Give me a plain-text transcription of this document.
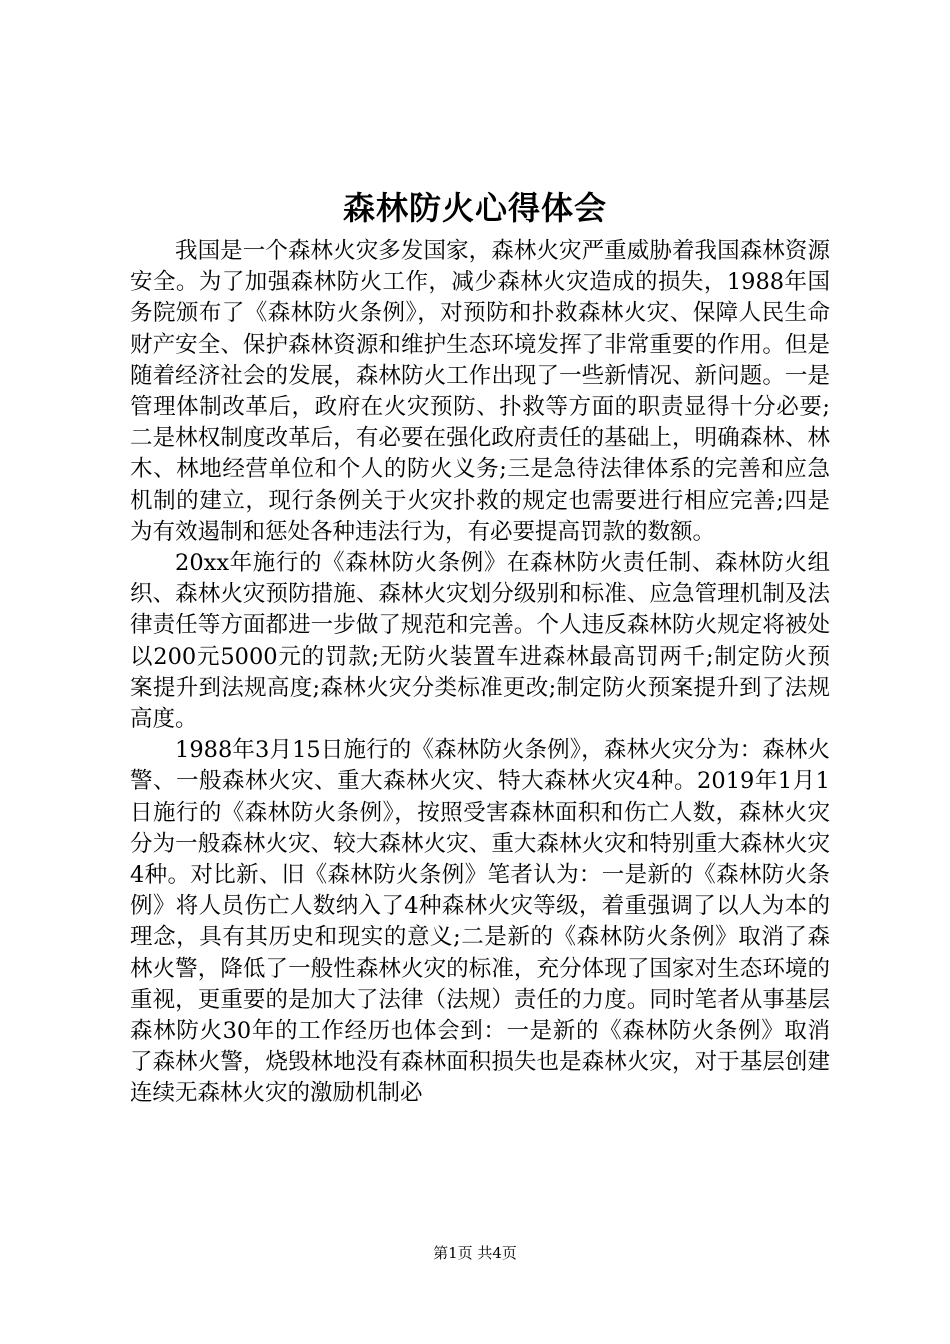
森林防火心得体会

我国是一个森林火灾多发国家，森林火灾严重威胁着我国森林资源安全。为了加强森林防火工作，减少森林火灾造成的损失，1988年国务院颁布了《森林防火条例》，对预防和扑救森林火灾、保障人民生命财产安全、保护森林资源和维护生态环境发挥了非常重要的作用。但是随着经济社会的发展，森林防火工作出现了一些新情况、新问题。一是管理体制改革后，政府在火灾预防、扑救等方面的职责显得十分必要;二是林权制度改革后，有必要在强化政府责任的基础上，明确森林、林木、林地经营单位和个人的防火义务;三是急待法律体系的完善和应急机制的建立，现行条例关于火灾扑救的规定也需要进行相应完善;四是为有效遏制和惩处各种违法行为，有必要提高罚款的数额。

20xx年施行的《森林防火条例》在森林防火责任制、森林防火组织、森林火灾预防措施、森林火灾划分级别和标准、应急管理机制及法律责任等方面都进一步做了规范和完善。个人违反森林防火规定将被处以200元5000元的罚款;无防火装置车进森林最高罚两千;制定防火预案提升到法规高度;森林火灾分类标准更改;制定防火预案提升到了法规高度。

1988年3月15日施行的《森林防火条例》，森林火灾分为：森林火警、一般森林火灾、重大森林火灾、特大森林火灾4种。2019年1月1日施行的《森林防火条例》，按照受害森林面积和伤亡人数，森林火灾分为一般森林火灾、较大森林火灾、重大森林火灾和特别重大森林火灾4种。对比新、旧《森林防火条例》笔者认为：一是新的《森林防火条例》将人员伤亡人数纳入了4种森林火灾等级，着重强调了以人为本的理念，具有其历史和现实的意义;二是新的《森林防火条例》取消了森林火警，降低了一般性森林火灾的标准，充分体现了国家对生态环境的重视，更重要的是加大了法律（法规）责任的力度。同时笔者从事基层森林防火30年的工作经历也体会到：一是新的《森林防火条例》取消了森林火警，烧毁林地没有森林面积损失也是森林火灾，对于基层创建连续无森林火灾的激励机制必

第1页 共4页
